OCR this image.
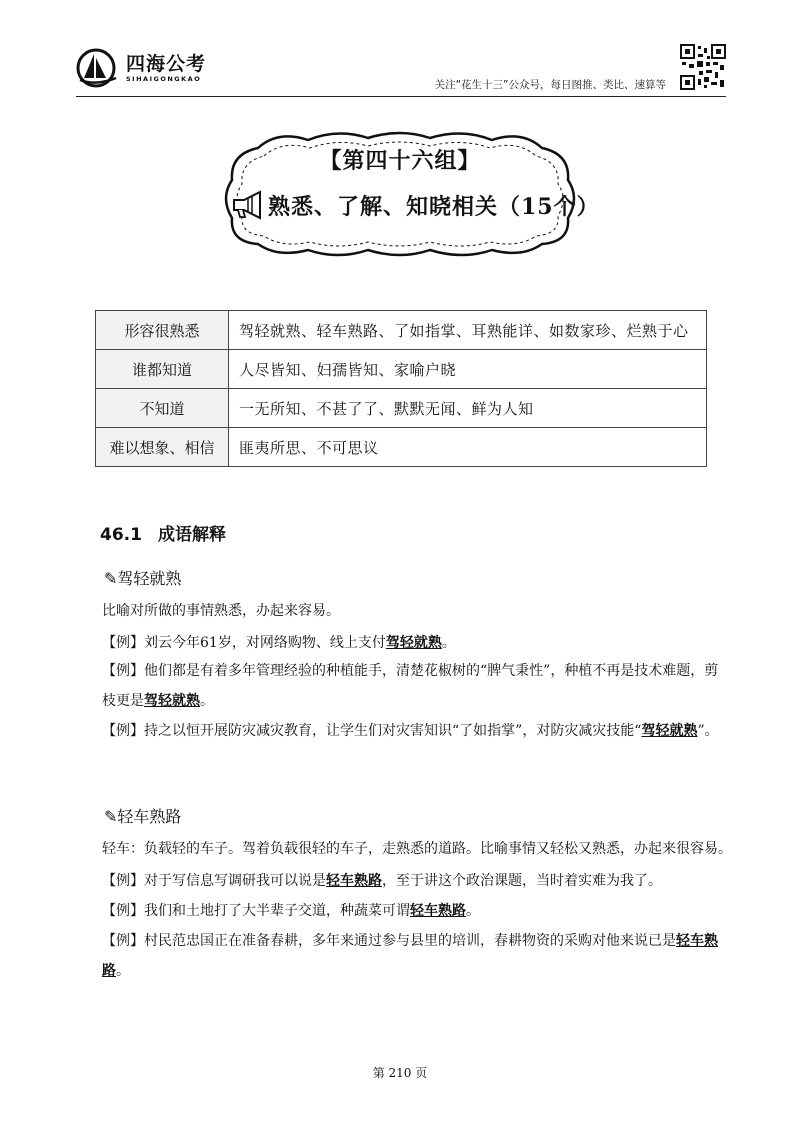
四海公考
SIHAIGONGKAO	关注“花生十三”公众号，每日图推、类比、速算等
【第四十六组】
熟悉、了解、知晓相关（15个）
形容很熟悉	驾轻就熟、轻车熟路、了如指掌、耳熟能详、如数家珍、烂熟于心
谁都知道	人尽皆知、妇孺皆知、家喻户晓
不知道	一无所知、不甚了了、默默无闻、鲜为人知
难以想象、相信	匪夷所思、不可思议
46.1 成语解释
✎驾轻就熟
比喻对所做的事情熟悉，办起来容易。
【例】刘云今年61岁，对网络购物、线上支付驾轻就熟。
【例】他们都是有着多年管理经验的种植能手，清楚花椒树的“脾气秉性”，种植不再是技术难题，剪枝更是驾轻就熟。
【例】持之以恒开展防灾减灾教育，让学生们对灾害知识“了如指掌”，对防灾减灾技能“驾轻就熟”。
✎轻车熟路
轻车：负载轻的车子。驾着负载很轻的车子，走熟悉的道路。比喻事情又轻松又熟悉，办起来很容易。
【例】对于写信息写调研我可以说是轻车熟路，至于讲这个政治课题，当时着实难为我了。
【例】我们和土地打了大半辈子交道，种蔬菜可谓轻车熟路。
【例】村民范忠国正在准备春耕，多年来通过参与县里的培训，春耕物资的采购对他来说已是轻车熟路。
第 210 页
